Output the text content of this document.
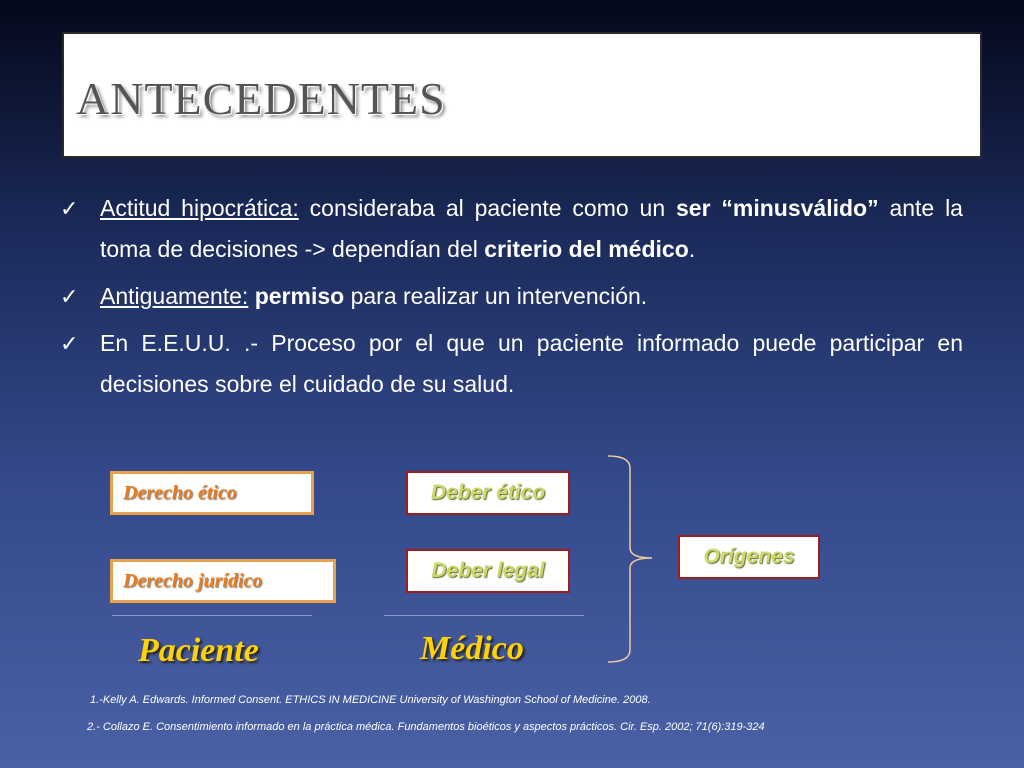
ANTECEDENTES
✓ Actitud hipocrática: consideraba al paciente como un ser “minusválido” ante la toma de decisiones -> dependían del criterio del médico.
✓ Antiguamente: permiso para realizar un intervención.
✓ En E.E.U.U. .- Proceso por el que un paciente informado puede participar en decisiones sobre el cuidado de su salud.
Derecho ético
Derecho jurídico
Deber ético
Deber legal
Orígenes
Paciente	Médico
1.-Kelly A. Edwards. Informed Consent. ETHICS IN MEDICINE University of Washington School of Medicine. 2008.
2.- Collazo E. Consentimiento informado en la práctica médica. Fundamentos bioéticos y aspectos prácticos. Cir. Esp. 2002; 71(6):319-324
